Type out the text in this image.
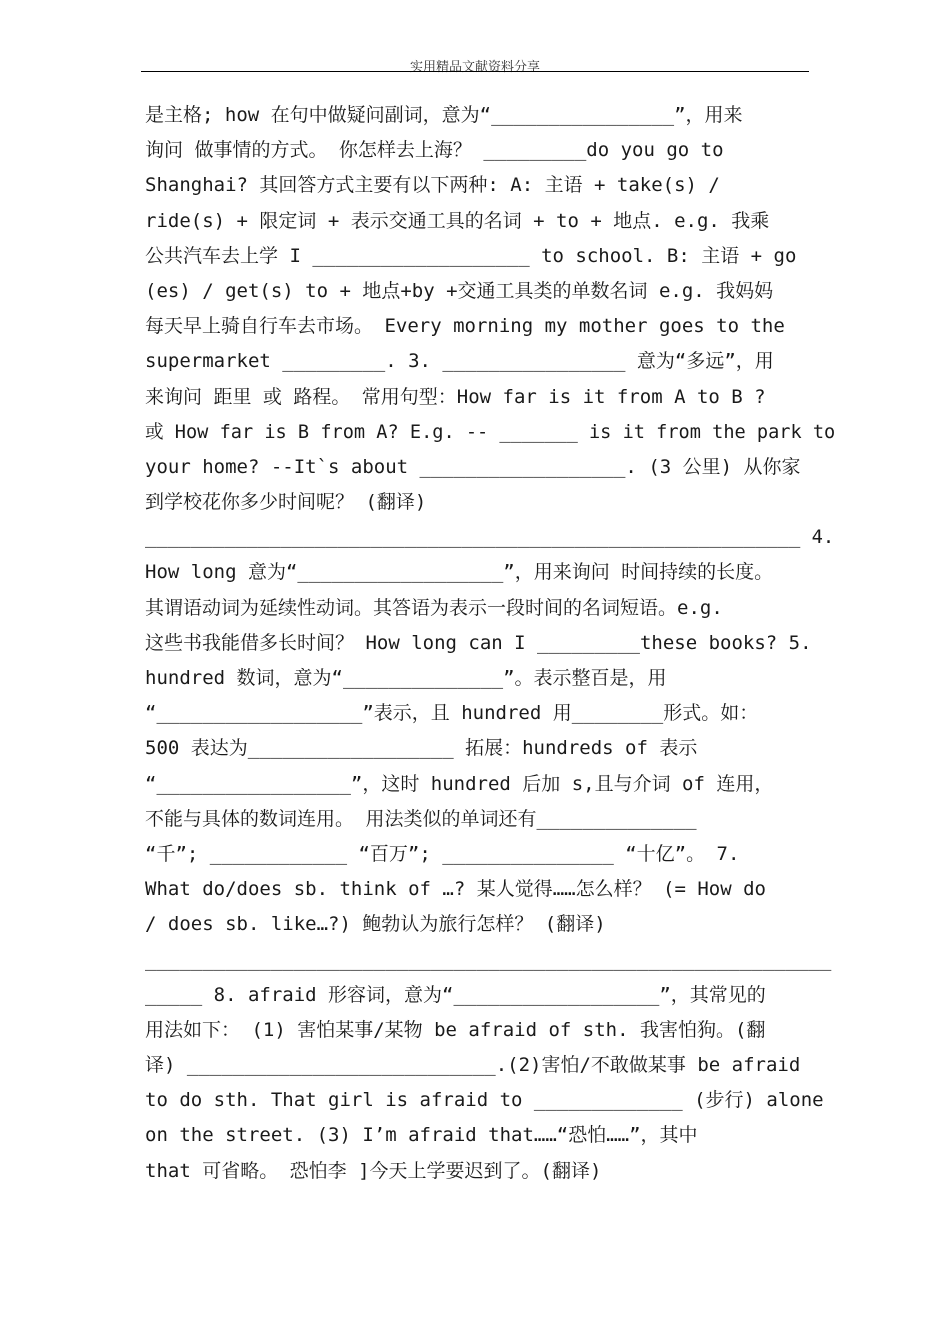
实用精品文献资料分享
是主格; how 在句中做疑问副词，意为“________________”，用来
询问 做事情的方式。 你怎样去上海？ _________do you go to
Shanghai? 其回答方式主要有以下两种: A: 主语 + take(s) /
ride(s) + 限定词 + 表示交通工具的名词 + to + 地点. e.g. 我乘
公共汽车去上学 I ___________________ to school. B: 主语 + go
(es) / get(s) to + 地点+by +交通工具类的单数名词 e.g. 我妈妈
每天早上骑自行车去市场。 Every morning my mother goes to the
supermarket _________. 3. ________________ 意为“多远”，用
来询问 距里 或 路程。 常用句型：How far is it from A to B ?
或 How far is B from A? E.g. -- _______ is it from the park to
your home? --It`s about __________________. (3 公里) 从你家
到学校花你多少时间呢？ (翻译)
__________________________________________________________ 4.
How long 意为“__________________”，用来询问 时间持续的长度。
其谓语动词为延续性动词。其答语为表示一段时间的名词短语。e.g.
这些书我能借多长时间？ How long can I _________these books? 5.
hundred 数词，意为“______________”。表示整百是，用
“__________________”表示，且 hundred 用________形式。如：
500 表达为__________________ 拓展：hundreds of 表示
“_________________”，这时 hundred 后加 s,且与介词 of 连用，
不能与具体的数词连用。 用法类似的单词还有______________
“千”; ____________ “百万”; _______________ “十亿”。 7.
What do/does sb. think of …? 某人觉得……怎么样？ (= How do
/ does sb. like…?) 鲍勃认为旅行怎样？ (翻译)
____________________________________________________________
_____ 8. afraid 形容词，意为“__________________”，其常见的
用法如下： (1) 害怕某事/某物 be afraid of sth. 我害怕狗。(翻
译) ___________________________.(2)害怕/不敢做某事 be afraid
to do sth. That girl is afraid to _____________ (步行) alone
on the street. (3) I’m afraid that……“恐怕……”，其中
that 可省略。 恐怕李 ]今天上学要迟到了。(翻译)
